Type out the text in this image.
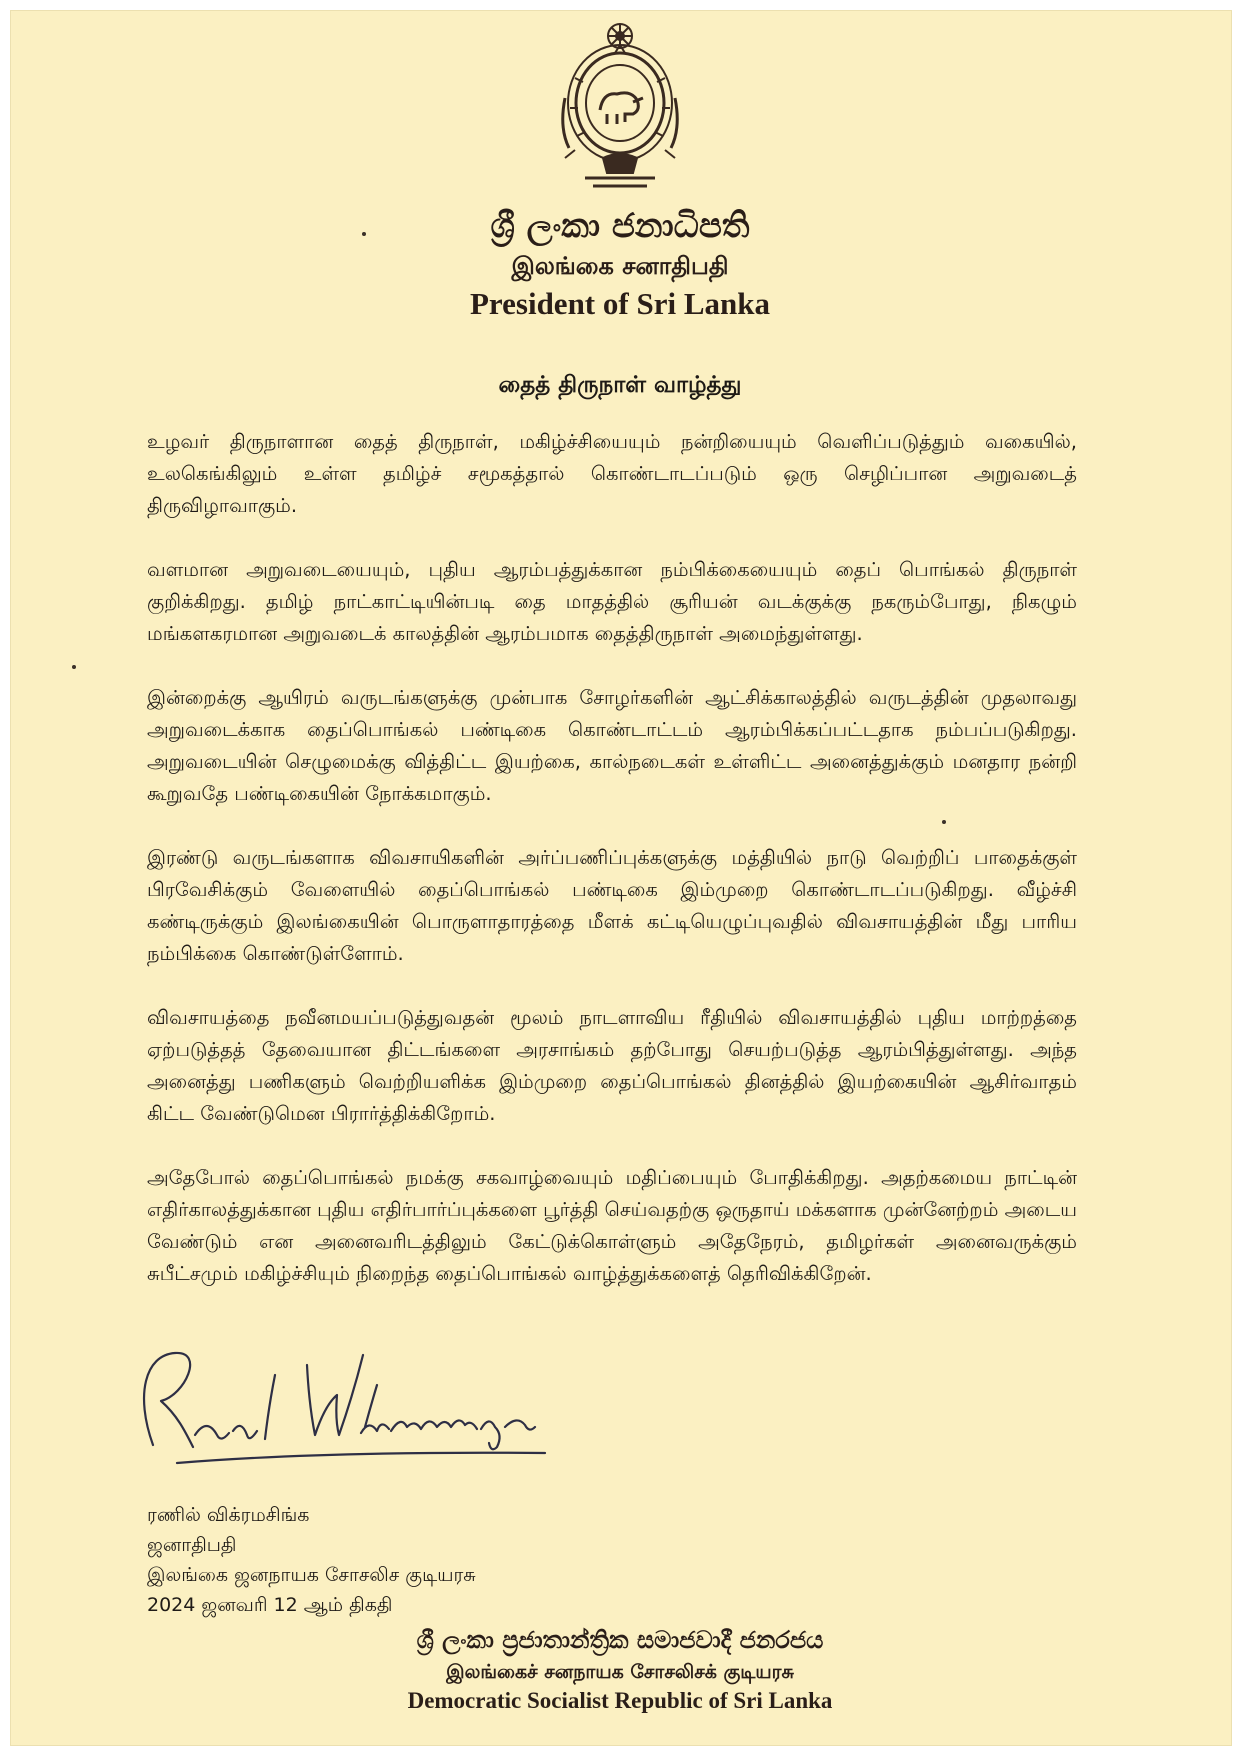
ශ්‍රී ලංකා ජනාධිපති
இலங்கை சனாதிபதி
President of Sri Lanka
தைத் திருநாள் வாழ்த்து

உழவர் திருநாளான தைத் திருநாள், மகிழ்ச்சியையும் நன்றியையும் வெளிப்படுத்தும் வகையில், உலகெங்கிலும் உள்ள தமிழ்ச் சமூகத்தால் கொண்டாடப்படும் ஒரு செழிப்பான அறுவடைத் திருவிழாவாகும்.

வளமான அறுவடையையும், புதிய ஆரம்பத்துக்கான நம்பிக்கையையும் தைப் பொங்கல் திருநாள் குறிக்கிறது. தமிழ் நாட்காட்டியின்படி தை மாதத்தில் சூரியன் வடக்குக்கு நகரும்போது, நிகழும் மங்களகரமான அறுவடைக் காலத்தின் ஆரம்பமாக தைத்திருநாள் அமைந்துள்ளது.

இன்றைக்கு ஆயிரம் வருடங்களுக்கு முன்பாக சோழர்களின் ஆட்சிக்காலத்தில் வருடத்தின் முதலாவது அறுவடைக்காக தைப்பொங்கல் பண்டிகை கொண்டாட்டம் ஆரம்பிக்கப்பட்டதாக நம்பப்படுகிறது. அறுவடையின் செழுமைக்கு வித்திட்ட இயற்கை, கால்நடைகள் உள்ளிட்ட அனைத்துக்கும் மனதார நன்றி கூறுவதே பண்டிகையின் நோக்கமாகும்.

இரண்டு வருடங்களாக விவசாயிகளின் அர்ப்பணிப்புக்களுக்கு மத்தியில் நாடு வெற்றிப் பாதைக்குள் பிரவேசிக்கும் வேளையில் தைப்பொங்கல் பண்டிகை இம்முறை கொண்டாடப்படுகிறது. வீழ்ச்சி கண்டிருக்கும் இலங்கையின் பொருளாதாரத்தை மீளக் கட்டியெழுப்புவதில் விவசாயத்தின் மீது பாரிய நம்பிக்கை கொண்டுள்ளோம்.

விவசாயத்தை நவீனமயப்படுத்துவதன் மூலம் நாடளாவிய ரீதியில் விவசாயத்தில் புதிய மாற்றத்தை ஏற்படுத்தத் தேவையான திட்டங்களை அரசாங்கம் தற்போது செயற்படுத்த ஆரம்பித்துள்ளது. அந்த அனைத்து பணிகளும் வெற்றியளிக்க இம்முறை தைப்பொங்கல் தினத்தில் இயற்கையின் ஆசிர்வாதம் கிட்ட வேண்டுமென பிரார்த்திக்கிறோம்.

அதேபோல் தைப்பொங்கல் நமக்கு சகவாழ்வையும் மதிப்பையும் போதிக்கிறது. அதற்கமைய நாட்டின் எதிர்காலத்துக்கான புதிய எதிர்பார்ப்புக்களை பூர்த்தி செய்வதற்கு ஒருதாய் மக்களாக முன்னேற்றம் அடைய வேண்டும் என அனைவரிடத்திலும் கேட்டுக்கொள்ளும் அதேநேரம், தமிழர்கள் அனைவருக்கும் சுபீட்சமும் மகிழ்ச்சியும் நிறைந்த தைப்பொங்கல் வாழ்த்துக்களைத் தெரிவிக்கிறேன்.

ரணில் விக்ரமசிங்க
ஜனாதிபதி
இலங்கை ஜனநாயக சோசலிச குடியரசு
2024 ஜனவரி 12 ஆம் திகதி
ශ්‍රී ලංකා ප්‍රජාතාන්ත්‍රික සමාජවාදී ජනරජය
இலங்கைச் சனநாயக சோசலிசக் குடியரசு
Democratic Socialist Republic of Sri Lanka
